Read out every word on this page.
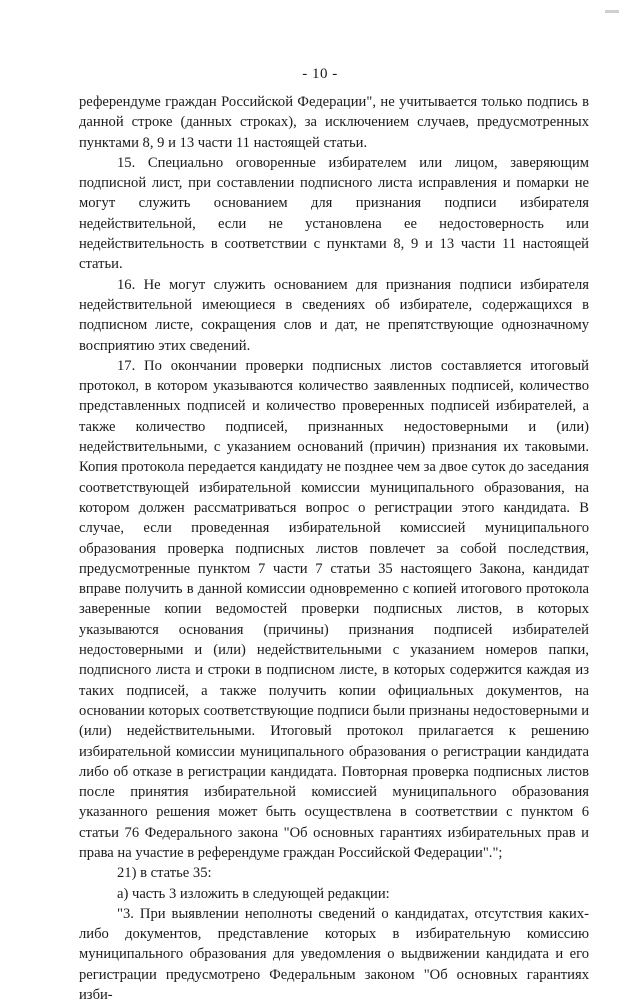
- 10 -

референдуме граждан Российской Федерации", не учитывается только подпись в данной строке (данных строках), за исключением случаев, предусмотренных пунктами 8, 9 и 13 части 11 настоящей статьи.

15. Специально оговоренные избирателем или лицом, заверяющим подписной лист, при составлении подписного листа исправления и помарки не могут служить основанием для признания подписи избирателя недействительной, если не установлена ее недостоверность или недействительность в соответствии с пунктами 8, 9 и 13 части 11 настоящей статьи.

16. Не могут служить основанием для признания подписи избирателя недействительной имеющиеся в сведениях об избирателе, содержащихся в подписном листе, сокращения слов и дат, не препятствующие однозначному восприятию этих сведений.

17. По окончании проверки подписных листов составляется итоговый протокол, в котором указываются количество заявленных подписей, количество представленных подписей и количество проверенных подписей избирателей, а также количество подписей, признанных недостоверными и (или) недействительными, с указанием оснований (причин) признания их таковыми. Копия протокола передается кандидату не позднее чем за двое суток до заседания соответствующей избирательной комиссии муниципального образования, на котором должен рассматриваться вопрос о регистрации этого кандидата. В случае, если проведенная избирательной комиссией муниципального образования проверка подписных листов повлечет за собой последствия, предусмотренные пунктом 7 части 7 статьи 35 настоящего Закона, кандидат вправе получить в данной комиссии одновременно с копией итогового протокола заверенные копии ведомостей проверки подписных листов, в которых указываются основания (причины) признания подписей избирателей недостоверными и (или) недействительными с указанием номеров папки, подписного листа и строки в подписном листе, в которых содержится каждая из таких подписей, а также получить копии официальных документов, на основании которых соответствующие подписи были признаны недостоверными и (или) недействительными. Итоговый протокол прилагается к решению избирательной комиссии муниципального образования о регистрации кандидата либо об отказе в регистрации кандидата. Повторная проверка подписных листов после принятия избирательной комиссией муниципального образования указанного решения может быть осуществлена в соответствии с пунктом 6 статьи 76 Федерального закона "Об основных гарантиях избирательных прав и права на участие в референдуме граждан Российской Федерации".";

21) в статье 35:

а) часть 3 изложить в следующей редакции:

"3. При выявлении неполноты сведений о кандидатах, отсутствия каких-либо документов, представление которых в избирательную комиссию муниципального образования для уведомления о выдвижении кандидата и его регистрации предусмотрено Федеральным законом "Об основных гарантиях изби-
